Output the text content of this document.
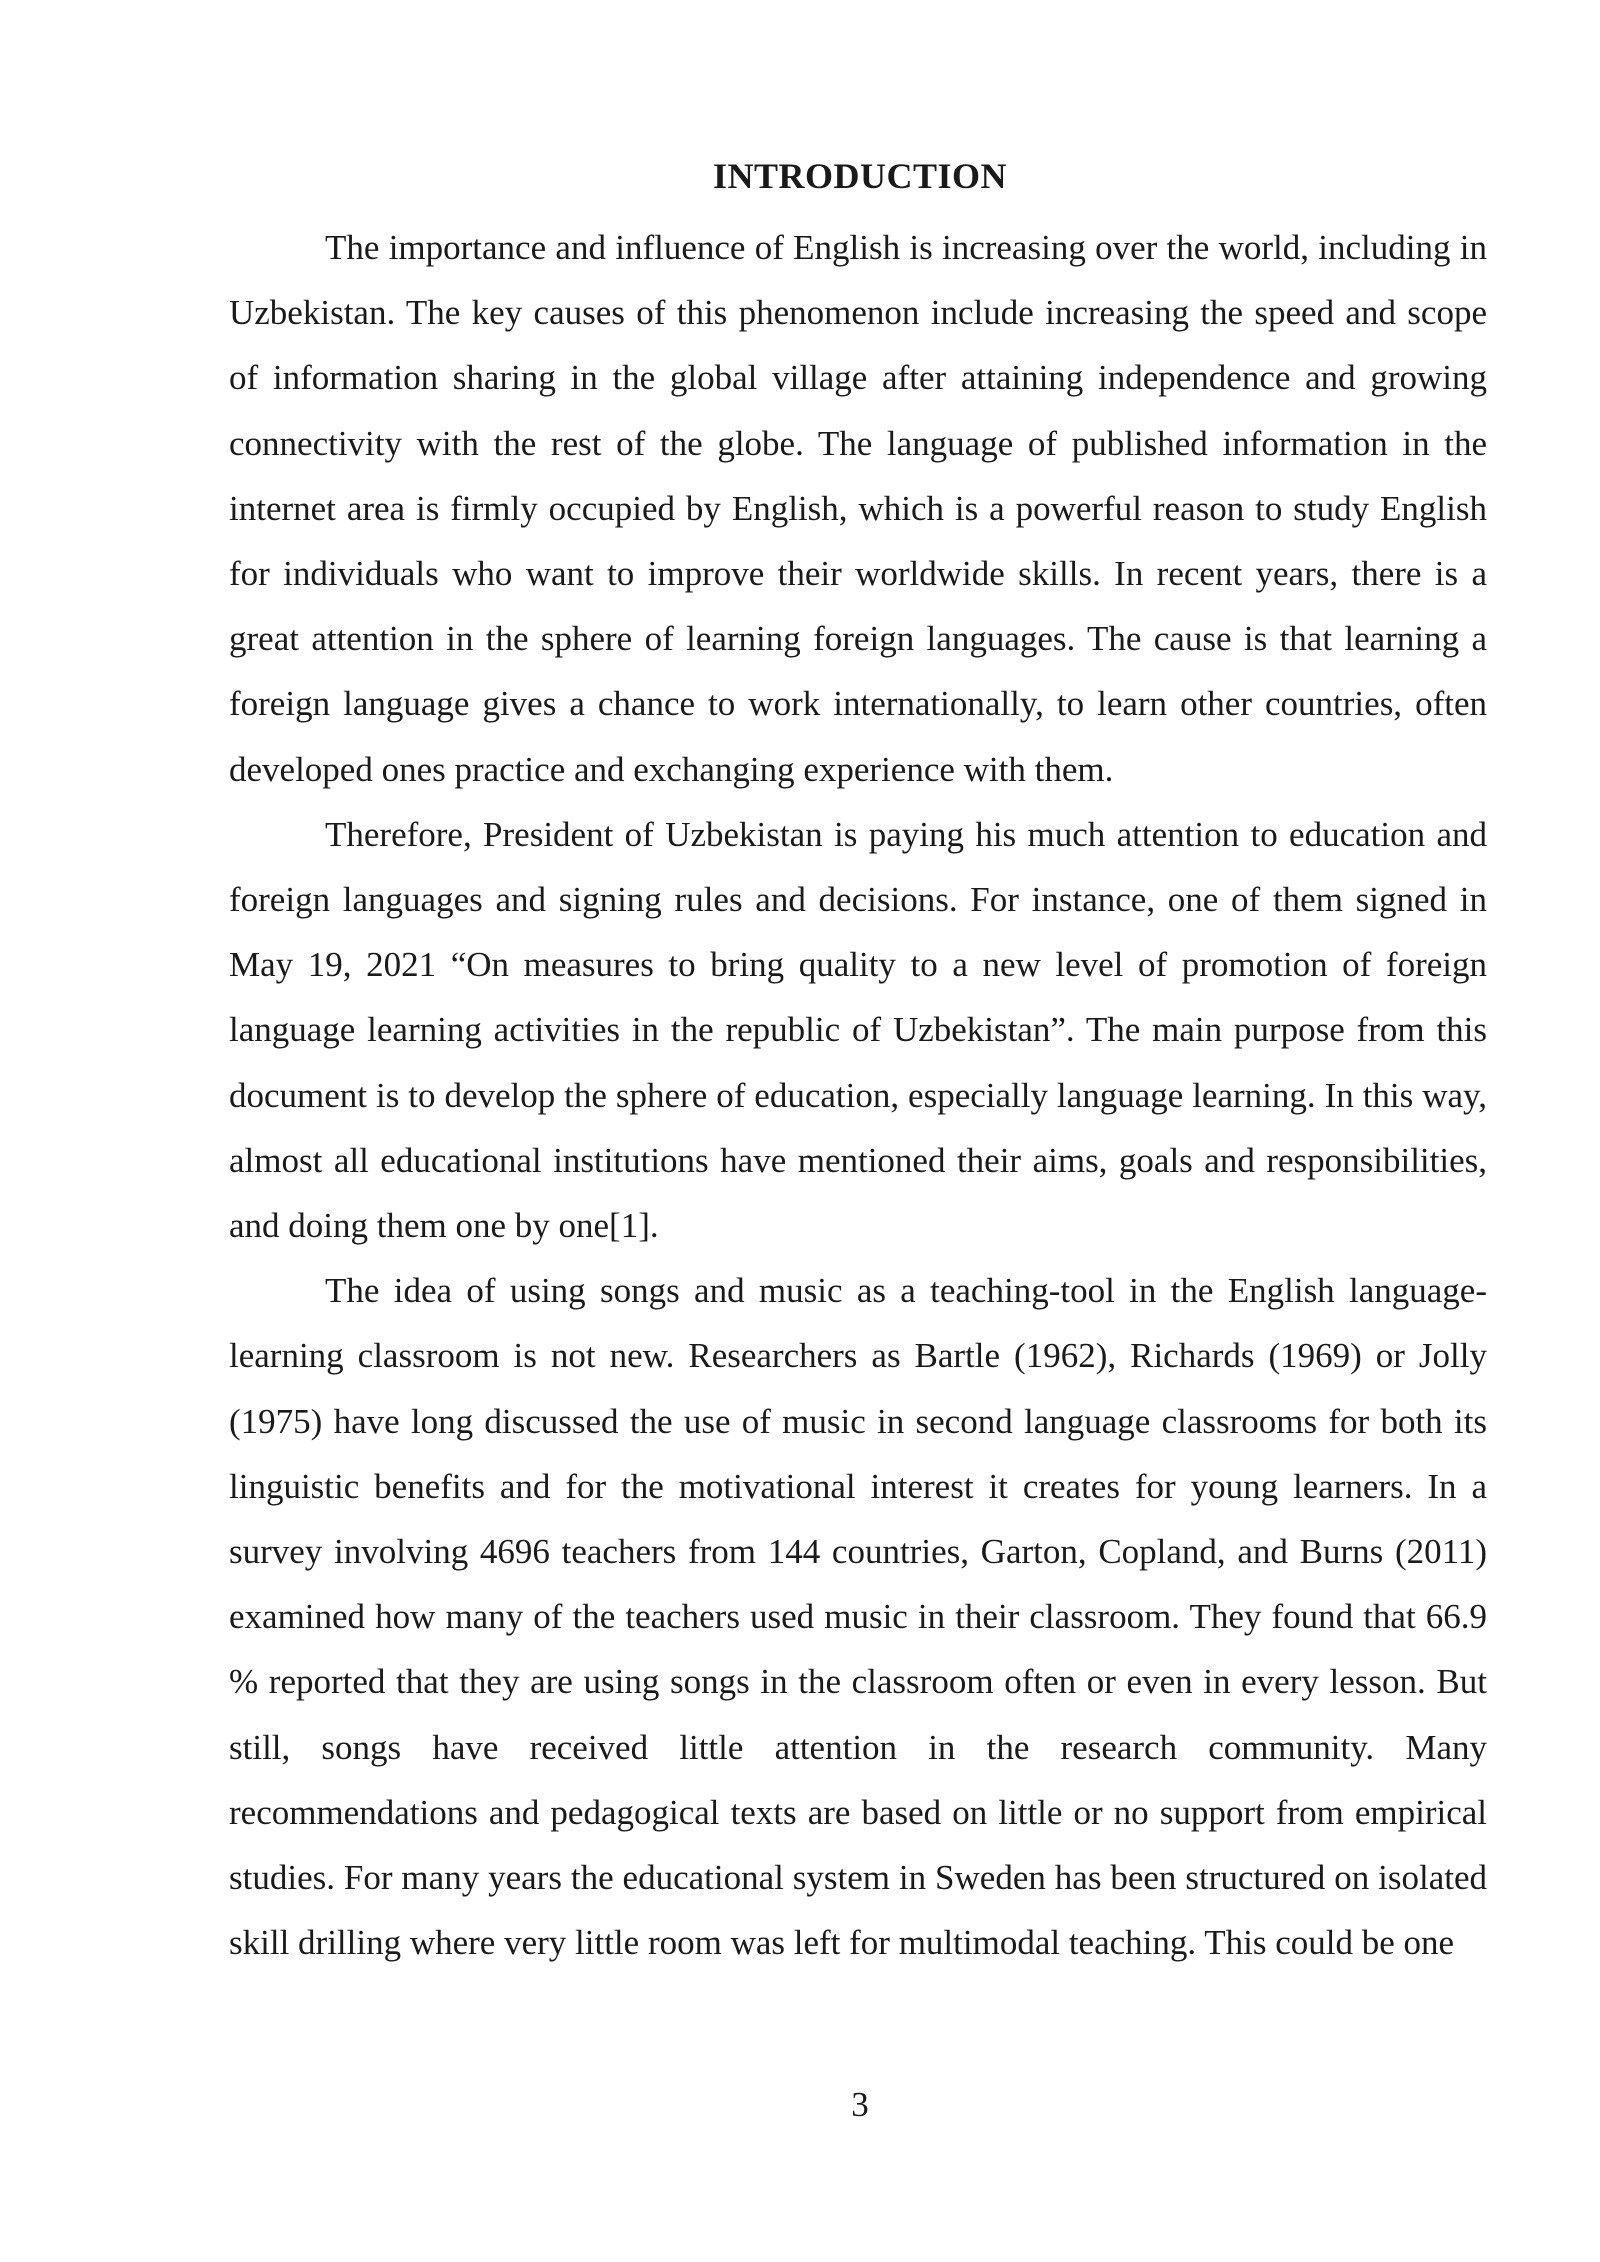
INTRODUCTION

The importance and influence of English is increasing over the world, including in Uzbekistan. The key causes of this phenomenon include increasing the speed and scope of information sharing in the global village after attaining independence and growing connectivity with the rest of the globe. The language of published information in the internet area is firmly occupied by English, which is a powerful reason to study English for individuals who want to improve their worldwide skills. In recent years, there is a great attention in the sphere of learning foreign languages. The cause is that learning a foreign language gives a chance to work internationally, to learn other countries, often developed ones practice and exchanging experience with them.

Therefore, President of Uzbekistan is paying his much attention to education and foreign languages and signing rules and decisions. For instance, one of them signed in May 19, 2021 “On measures to bring quality to a new level of promotion of foreign language learning activities in the republic of Uzbekistan”. The main purpose from this document is to develop the sphere of education, especially language learning. In this way, almost all educational institutions have mentioned their aims, goals and responsibilities, and doing them one by one[1].

The idea of using songs and music as a teaching-tool in the English language-learning classroom is not new. Researchers as Bartle (1962), Richards (1969) or Jolly (1975) have long discussed the use of music in second language classrooms for both its linguistic benefits and for the motivational interest it creates for young learners. In a survey involving 4696 teachers from 144 countries, Garton, Copland, and Burns (2011) examined how many of the teachers used music in their classroom. They found that 66.9 % reported that they are using songs in the classroom often or even in every lesson. But still, songs have received little attention in the research community. Many recommendations and pedagogical texts are based on little or no support from empirical studies. For many years the educational system in Sweden has been structured on isolated skill drilling where very little room was left for multimodal teaching. This could be one

3
